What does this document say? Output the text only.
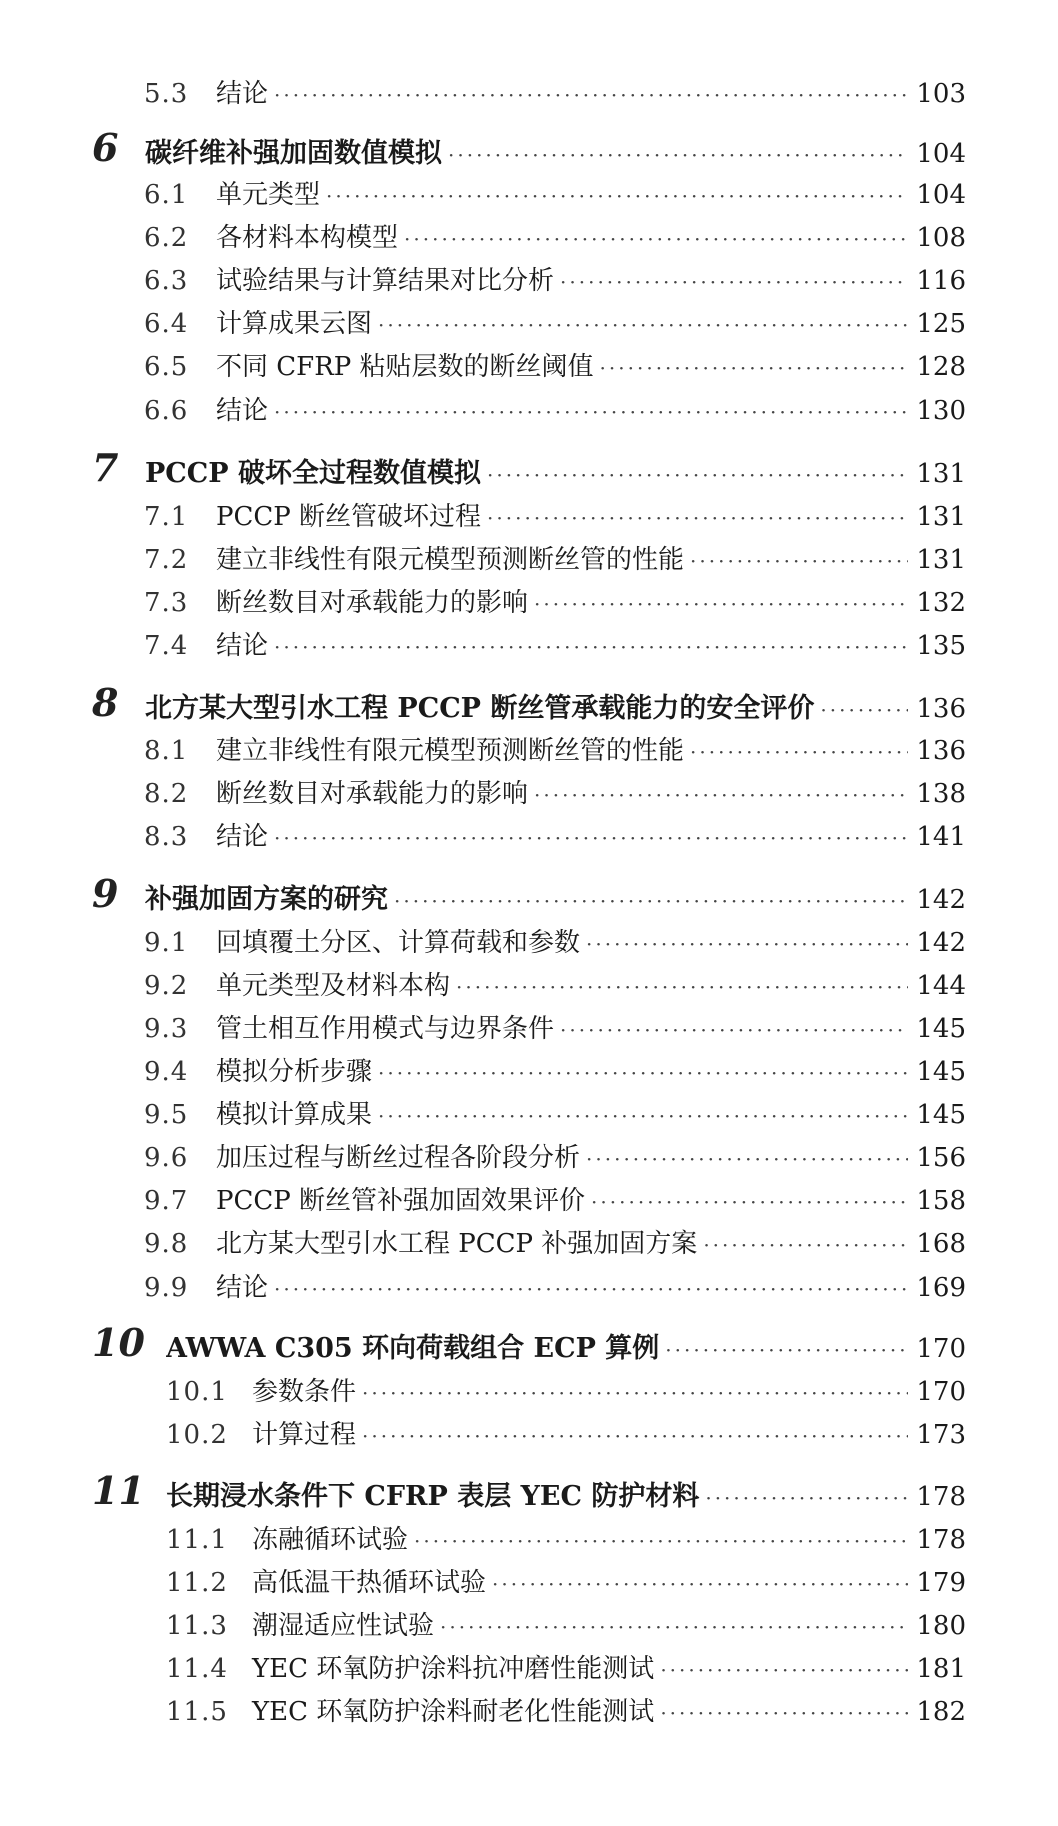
5.3	结论 ·····	103
6 碳纤维补强加固数值模拟 ·····	104
6.1	单元类型 ·····	104
6.2	各材料本构模型 ·····	108
6.3	试验结果与计算结果对比分析 ·····	116
6.4	计算成果云图 ·····	125
6.5	不同 CFRP 粘贴层数的断丝阈值 ·····	128
6.6	结论 ·····	130
7 PCCP 破坏全过程数值模拟 ·····	131
7.1	PCCP 断丝管破坏过程 ·····	131
7.2	建立非线性有限元模型预测断丝管的性能 ·····	131
7.3	断丝数目对承载能力的影响 ·····	132
7.4	结论 ·····	135
8 北方某大型引水工程 PCCP 断丝管承载能力的安全评价 ·····	136
8.1	建立非线性有限元模型预测断丝管的性能 ·····	136
8.2	断丝数目对承载能力的影响 ·····	138
8.3	结论 ·····	141
9 补强加固方案的研究 ·····	142
9.1	回填覆土分区、计算荷载和参数 ·····	142
9.2	单元类型及材料本构 ·····	144
9.3	管土相互作用模式与边界条件 ·····	145
9.4	模拟分析步骤 ·····	145
9.5	模拟计算成果 ·····	145
9.6	加压过程与断丝过程各阶段分析 ·····	156
9.7	PCCP 断丝管补强加固效果评价 ·····	158
9.8	北方某大型引水工程 PCCP 补强加固方案 ·····	168
9.9	结论 ·····	169
10 AWWA C305 环向荷载组合 ECP 算例 ·····	170
10.1 参数条件 ·····	170
10.2 计算过程 ·····	173
11 长期浸水条件下 CFRP 表层 YEC 防护材料 ·····	178
11.1 冻融循环试验 ·····	178
11.2 高低温干热循环试验 ·····	179
11.3 潮湿适应性试验 ·····	180
11.4 YEC 环氧防护涂料抗冲磨性能测试 ·····	181
11.5 YEC 环氧防护涂料耐老化性能测试 ·····	182
